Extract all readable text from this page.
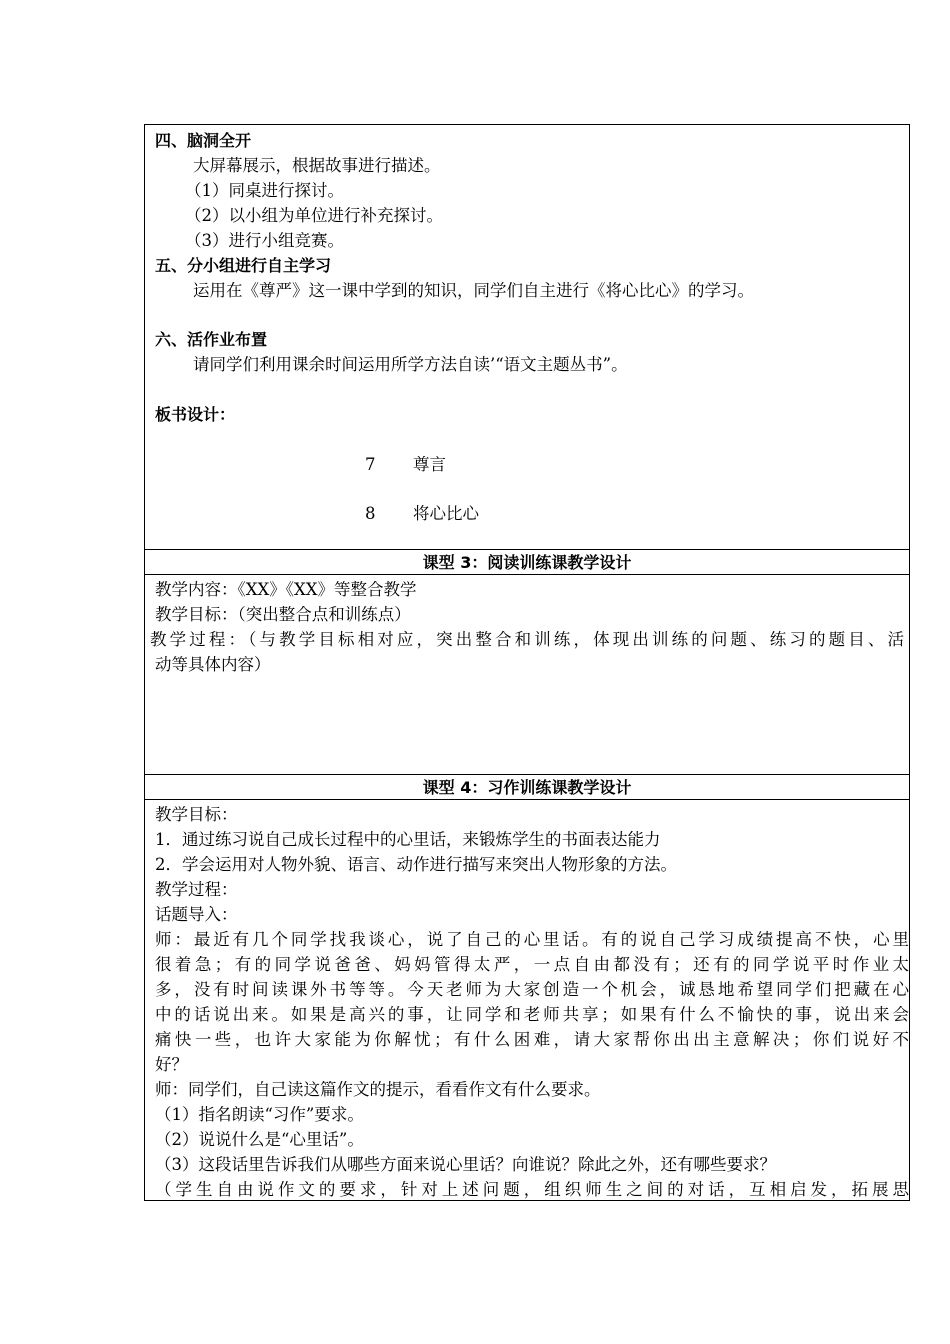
四、脑洞全开
大屏幕展示，根据故事进行描述。
（1）同桌进行探讨。
（2）以小组为单位进行补充探讨。
（3）进行小组竞赛。
五、分小组进行自主学习
运用在《尊严》这一课中学到的知识，同学们自主进行《将心比心》的学习。
六、活作业布置
请同学们利用课余时间运用所学方法自读’“语文主题丛书”。
板书设计：
7 尊言
8 将心比心
课型 3：阅读训练课教学设计
教学内容：《XX》《XX》等整合教学
教学目标：（突出整合点和训练点）
教学过程：（与教学目标相对应，突出整合和训练，体现出训练的问题、练习的题目、活
动等具体内容）
课型 4：习作训练课教学设计
教学目标：
1．通过练习说自己成长过程中的心里话，来锻炼学生的书面表达能力
2．学会运用对人物外貌、语言、动作进行描写来突出人物形象的方法。
教学过程：
话题导入：
师：最近有几个同学找我谈心，说了自己的心里话。有的说自己学习成绩提高不快，心里
很着急；有的同学说爸爸、妈妈管得太严，一点自由都没有；还有的同学说平时作业太
多，没有时间读课外书等等。今天老师为大家创造一个机会，诚恳地希望同学们把藏在心
中的话说出来。如果是高兴的事，让同学和老师共享；如果有什么不愉快的事，说出来会
痛快一些，也许大家能为你解忧；有什么困难，请大家帮你出出主意解决；你们说好不
好？
师：同学们，自己读这篇作文的提示，看看作文有什么要求。
（1）指名朗读“习作”要求。
（2）说说什么是“心里话”。
（3）这段话里告诉我们从哪些方面来说心里话？向谁说？除此之外，还有哪些要求？
（学生自由说作文的要求，针对上述问题，组织师生之间的对话，互相启发，拓展思
